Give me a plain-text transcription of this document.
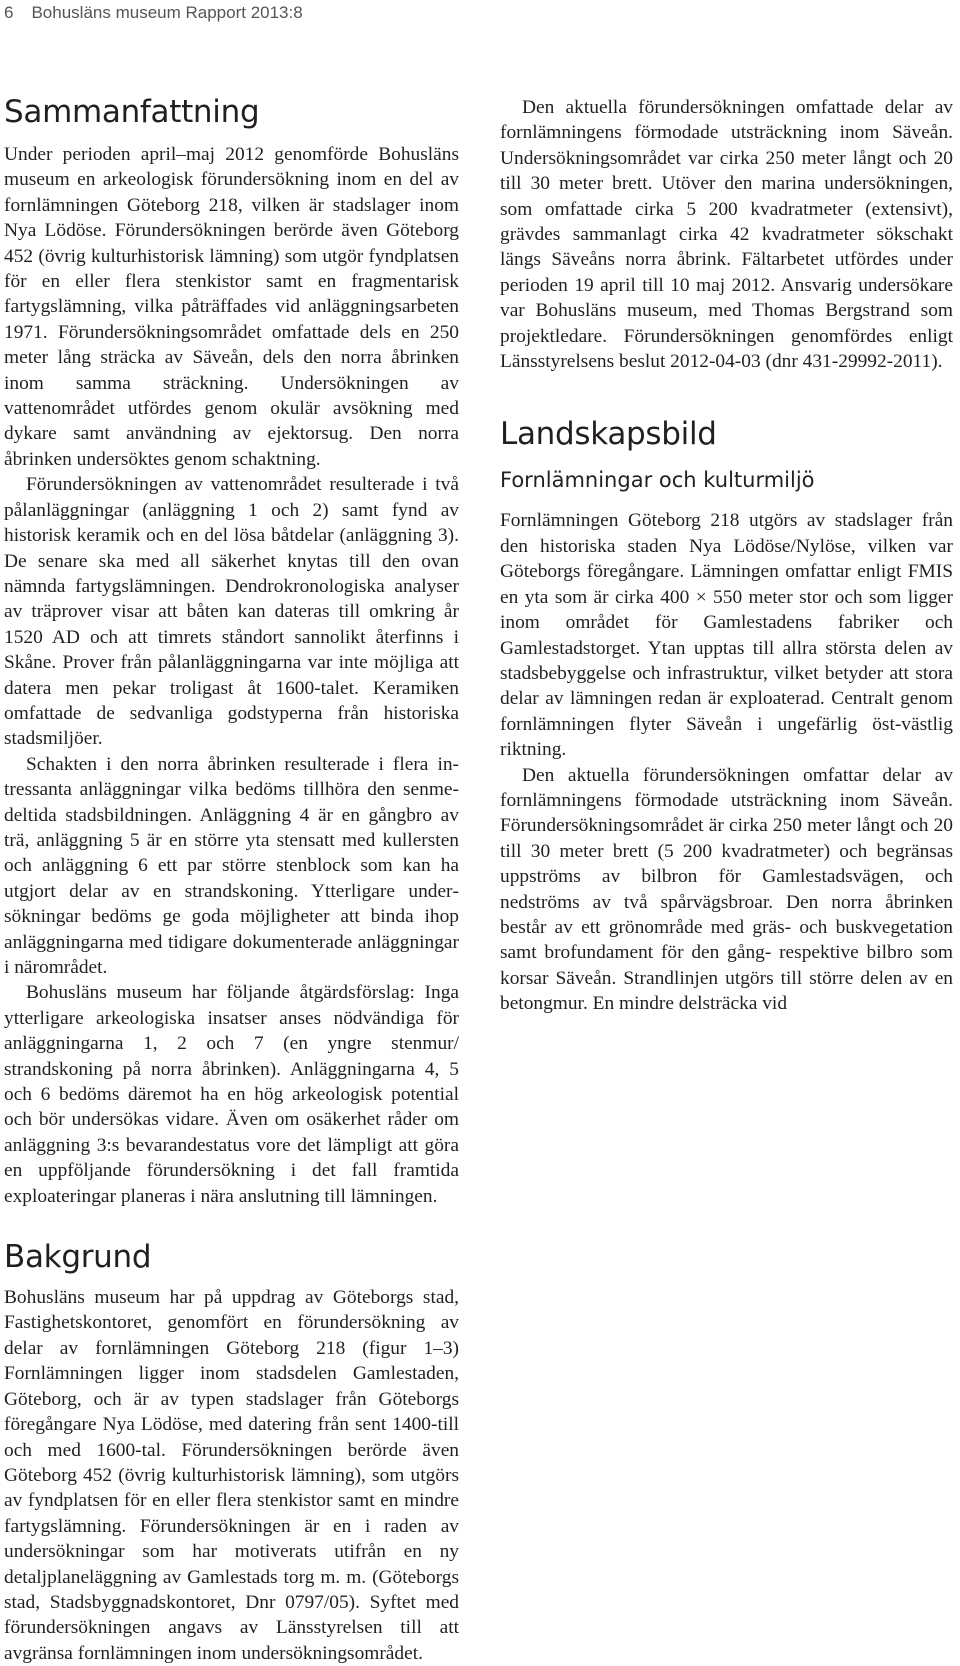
6 Bohusläns museum Rapport 2013:8
Sammanfattning

Under perioden april–maj 2012 genomförde Bohusläns museum en arkeologisk förundersökning inom en del av fornlämningen Göteborg 218, vilken är stadslager inom Nya Lödöse. Förundersökningen berörde även Göteborg 452 (övrig kulturhistorisk lämning) som utgör fyndplatsen för en eller flera stenkistor samt en fragmentarisk fartygslämning, vilka påträffades vid anläggningsarbeten 1971. Förundersökningsområdet omfattade dels en 250 meter lång sträcka av Säveån, dels den norra åbrinken inom samma sträckning. Undersökningen av vattenområdet utfördes genom okulär avsökning med dykare samt användning av ejektorsug. Den norra åbrinken undersöktes genom schaktning.

Förundersökningen av vattenområdet resulterade i två pålanläggningar (anläggning 1 och 2) samt fynd av historisk keramik och en del lösa båtdelar (anläggning 3). De senare ska med all säkerhet knytas till den ovan nämnda fartygslämningen. Dendrokronologiska analyser av träprover visar att båten kan dateras till omkring år 1520 AD och att timrets ståndort sannolikt återfinns i Skåne. Prover från pålanläggningarna var inte möjliga att datera men pekar troligast åt 1600-talet. Keramiken omfattade de sedvanliga godstyperna från historiska stadsmiljöer.

Schakten i den norra åbrinken resulterade i flera intressanta anläggningar vilka bedöms tillhöra den senmedeltida stadsbildningen. Anläggning 4 är en gångbro av trä, anläggning 5 är en större yta stensatt med kullersten och anläggning 6 ett par större stenblock som kan ha utgjort delar av en strandskoning. Ytterligare undersökningar bedöms ge goda möjligheter att binda ihop anläggningarna med tidigare dokumenterade anläggningar i närområdet.

Bohusläns museum har följande åtgärdsförslag: Inga ytterligare arkeologiska insatser anses nödvändiga för anläggningarna 1, 2 och 7 (en yngre stenmur/ strandskoning på norra åbrinken). Anläggningarna 4, 5 och 6 bedöms däremot ha en hög arkeologisk potential och bör undersökas vidare. Även om osäkerhet råder om anläggning 3:s bevarandestatus vore det lämpligt att göra en uppföljande förundersökning i det fall framtida exploateringar planeras i nära anslutning till lämningen.

Bakgrund

Bohusläns museum har på uppdrag av Göteborgs stad, Fastighetskontoret, genomfört en förundersökning av delar av fornlämningen Göteborg 218 (figur 1–3) Fornlämningen ligger inom stadsdelen Gamlestaden, Göteborg, och är av typen stadslager från Göteborgs föregångare Nya Lödöse, med datering från sent 1400-till och med 1600-tal. Förundersökningen berörde även Göteborg 452 (övrig kulturhistorisk lämning), som utgörs av fyndplatsen för en eller flera stenkistor samt en mindre fartygslämning. Förundersökningen är en i raden av undersökningar som har motiverats utifrån en ny detaljplaneläggning av Gamlestads torg m. m. (Göteborgs stad, Stadsbyggnadskontoret, Dnr 0797/05). Syftet med förundersökningen angavs av Länsstyrelsen till att avgränsa fornlämningen inom undersökningsområdet.

Den aktuella förundersökningen omfattade delar av fornlämningens förmodade utsträckning inom Säveån. Undersökningsområdet var cirka 250 meter långt och 20 till 30 meter brett. Utöver den marina undersökningen, som omfattade cirka 5 200 kvadratmeter (extensivt), grävdes sammanlagt cirka 42 kvadratmeter sökschakt längs Säveåns norra åbrink. Fältarbetet utfördes under perioden 19 april till 10 maj 2012. Ansvarig undersökare var Bohusläns museum, med Thomas Bergstrand som projektledare. Förundersökningen genomfördes enligt Länsstyrelsens beslut 2012-04-03 (dnr 431-29992-2011).

Landskapsbild
Fornlämningar och kulturmiljö

Fornlämningen Göteborg 218 utgörs av stadslager från den historiska staden Nya Lödöse/Nylöse, vilken var Göteborgs föregångare. Lämningen omfattar enligt FMIS en yta som är cirka 400 × 550 meter stor och som ligger inom området för Gamlestadens fabriker och Gamlestadstorget. Ytan upptas till allra största delen av stadsbebyggelse och infrastruktur, vilket betyder att stora delar av lämningen redan är exploaterad. Centralt genom fornlämningen flyter Säveån i ungefärlig öst-västlig riktning.

Den aktuella förundersökningen omfattar delar av fornlämningens förmodade utsträckning inom Säveån. Förundersökningsområdet är cirka 250 meter långt och 20 till 30 meter brett (5 200 kvadratmeter) och begränsas uppströms av bilbron för Gamlestadsvägen, och nedströms av två spårvägsbroar. Den norra åbrinken består av ett grönområde med gräs- och buskvegetation samt brofundament för den gång- respektive bilbro som korsar Säveån. Strandlinjen utgörs till större delen av en betongmur. En mindre delsträcka vid
